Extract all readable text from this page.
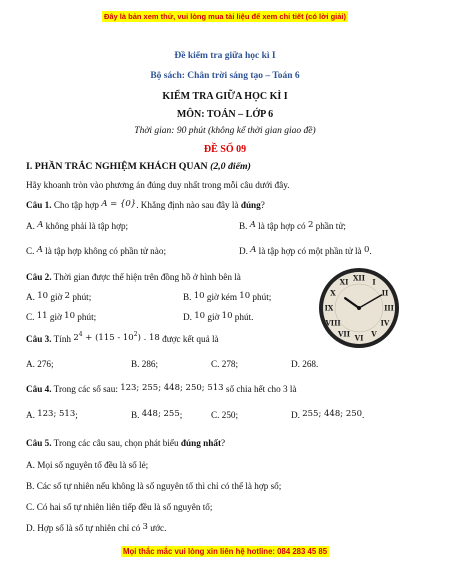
Đây là bản xem thử, vui lòng mua tài liệu để xem chi tiết (có lời giải)
Đề kiểm tra giữa học kì I
Bộ sách: Chân trời sáng tạo – Toán 6
KIỂM TRA GIỮA HỌC KÌ I
MÔN: TOÁN – LỚP 6
Thời gian: 90 phút (không kể thời gian giao đề)
ĐỀ SỐ 09
I. PHẦN TRẮC NGHIỆM KHÁCH QUAN (2,0 điểm)
Hãy khoanh tròn vào phương án đúng duy nhất trong mỗi câu dưới đây.
Câu 1. Cho tập hợp A = {0}. Khẳng định nào sau đây là đúng?
A. A không phải là tập hợp;	B. A là tập hợp có 2 phần tử;
C. A là tập hợp không có phần tử nào;	D. A là tập hợp có một phần tử là 0.
Câu 2. Thời gian được thể hiện trên đồng hồ ở hình bên là
A. 10 giờ 2 phút;	B. 10 giờ kém 10 phút;
C. 11 giờ 10 phút;	D. 10 giờ 10 phút.
XII I
II
III
IV
V
VI
VII
VIII
IX
X
XI
Câu 3. Tính $2^4 + (115 - 10^2)$ . 18 được kết quả là
A. 276;	B. 286;	C. 278;	D. 268.
Câu 4. Trong các số sau: 123; 255; 448; 250; 513 số chia hết cho 3 là
A. 123; 513;	B. 448; 255;	C. 250;	D. 255; 448; 250.
Câu 5. Trong các câu sau, chọn phát biểu đúng nhất?
A. Mọi số nguyên tố đều là số lẻ;
B. Các số tự nhiên nếu không là số nguyên tố thì chỉ có thể là hợp số;
C. Có hai số tự nhiên liên tiếp đều là số nguyên tố;
D. Hợp số là số tự nhiên chỉ có 3 ước.
Mọi thắc mắc vui lòng xin liên hệ hotline: 084 283 45 85
